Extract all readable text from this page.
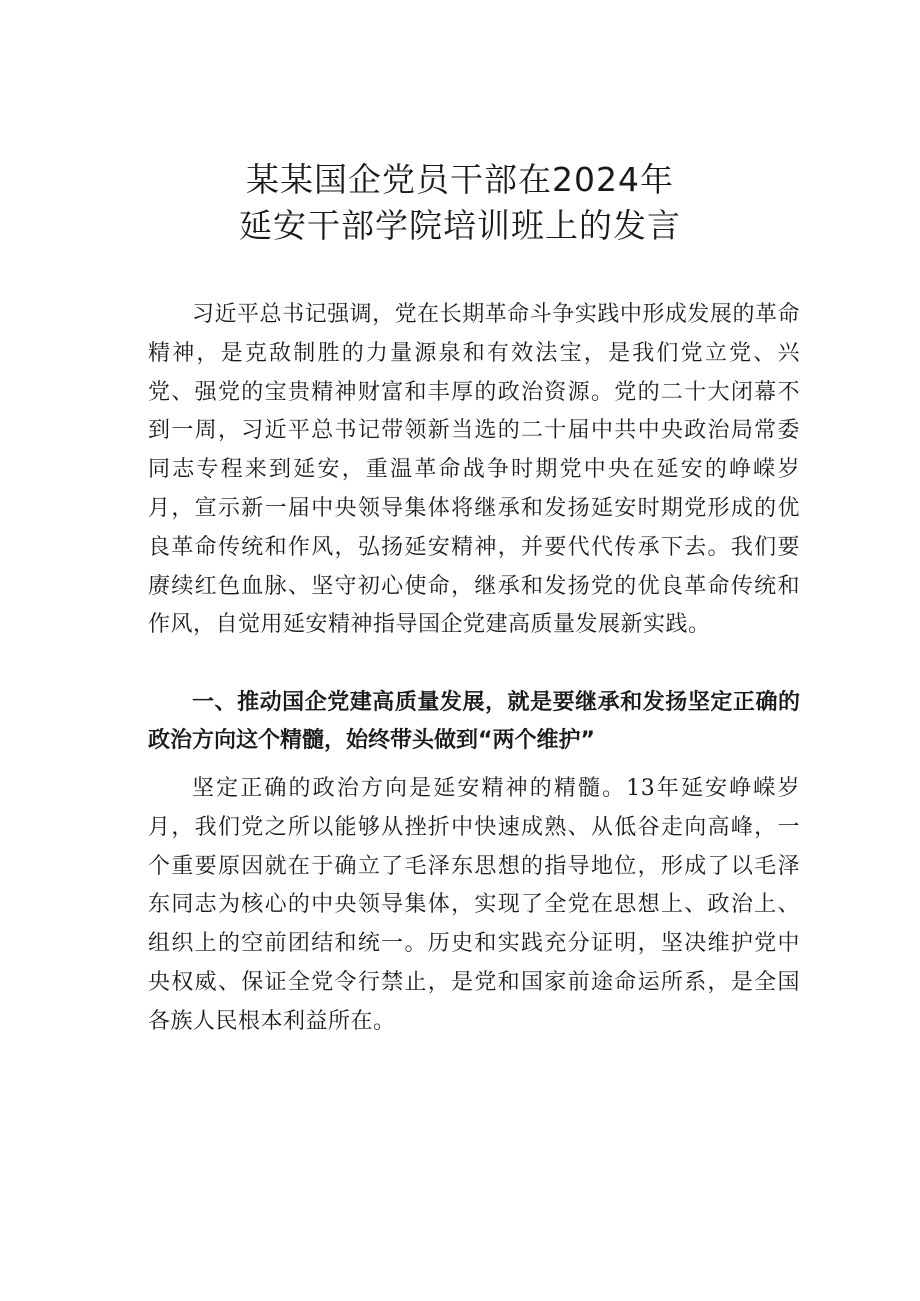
某某国企党员干部在2024年
延安干部学院培训班上的发言

习近平总书记强调，党在长期革命斗争实践中形成发展的革命精神，是克敌制胜的力量源泉和有效法宝，是我们党立党、兴党、强党的宝贵精神财富和丰厚的政治资源。党的二十大闭幕不到一周，习近平总书记带领新当选的二十届中共中央政治局常委同志专程来到延安，重温革命战争时期党中央在延安的峥嵘岁月，宣示新一届中央领导集体将继承和发扬延安时期党形成的优良革命传统和作风，弘扬延安精神，并要代代传承下去。我们要赓续红色血脉、坚守初心使命，继承和发扬党的优良革命传统和作风，自觉用延安精神指导国企党建高质量发展新实践。

一、推动国企党建高质量发展，就是要继承和发扬坚定正确的政治方向这个精髓，始终带头做到“两个维护”

坚定正确的政治方向是延安精神的精髓。13年延安峥嵘岁月，我们党之所以能够从挫折中快速成熟、从低谷走向高峰，一个重要原因就在于确立了毛泽东思想的指导地位，形成了以毛泽东同志为核心的中央领导集体，实现了全党在思想上、政治上、组织上的空前团结和统一。历史和实践充分证明，坚决维护党中央权威、保证全党令行禁止，是党和国家前途命运所系，是全国各族人民根本利益所在。
